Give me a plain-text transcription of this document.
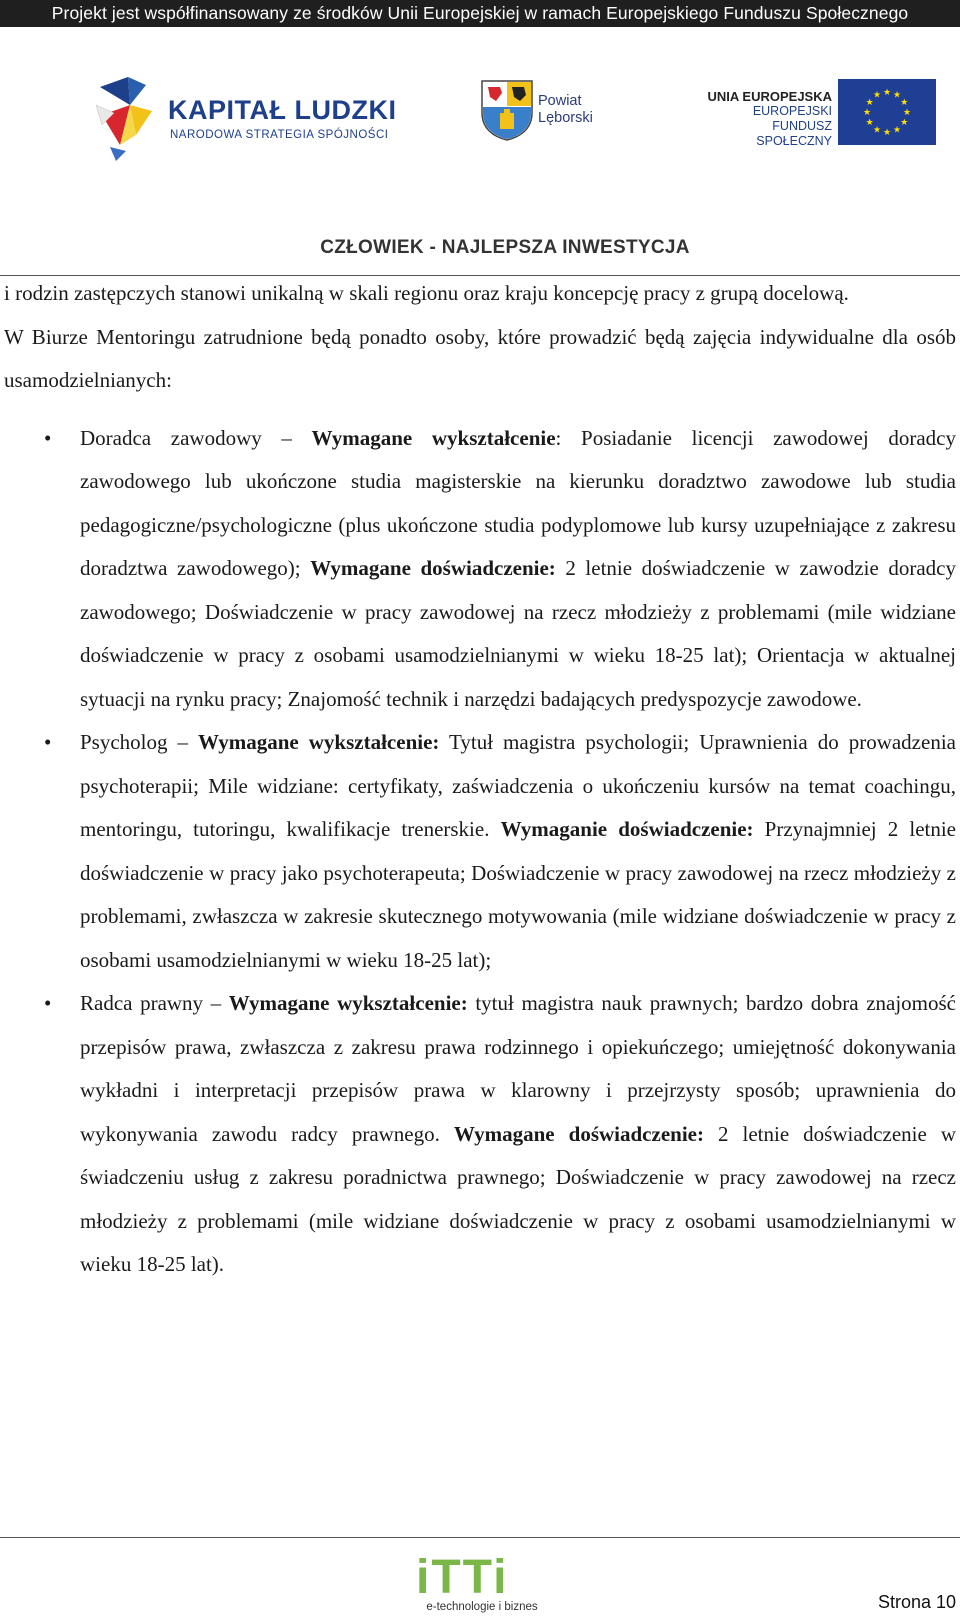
Projekt jest współfinansowany ze środków Unii Europejskiej w ramach Europejskiego Funduszu Społecznego
KAPITAŁ LUDZKI
NARODOWA STRATEGIA SPÓJNOŚCI
Powiat
Lęborski
UNIA EUROPEJSKA
EUROPEJSKI
FUNDUSZ SPOŁECZNY
★
★
★
★
★
★
★
★
★ ★ ★
★
CZŁOWIEK - NAJLEPSZA INWESTYCJA

i rodzin zastępczych stanowi unikalną w skali regionu oraz kraju koncepcję pracy z grupą docelową.

W Biurze Mentoringu zatrudnione będą ponadto osoby, które prowadzić będą zajęcia indywidualne dla osób usamodzielnianych:

• Doradca zawodowy – Wymagane wykształcenie: Posiadanie licencji zawodowej doradcy zawodowego lub ukończone studia magisterskie na kierunku doradztwo zawodowe lub studia pedagogiczne/psychologiczne (plus ukończone studia podyplomowe lub kursy uzupełniające z zakresu doradztwa zawodowego); Wymagane doświadczenie: 2 letnie doświadczenie w zawodzie doradcy zawodowego; Doświadczenie w pracy zawodowej na rzecz młodzieży z problemami (mile widziane doświadczenie w pracy z osobami usamodzielnianymi w wieku 18-25 lat); Orientacja w aktualnej sytuacji na rynku pracy; Znajomość technik i narzędzi badających predyspozycje zawodowe.
• Psycholog – Wymagane wykształcenie: Tytuł magistra psychologii; Uprawnienia do prowadzenia psychoterapii; Mile widziane: certyfikaty, zaświadczenia o ukończeniu kursów na temat coachingu, mentoringu, tutoringu, kwalifikacje trenerskie. Wymaganie doświadczenie: Przynajmniej 2 letnie doświadczenie w pracy jako psychoterapeuta; Doświadczenie w pracy zawodowej na rzecz młodzieży z problemami, zwłaszcza w zakresie skutecznego motywowania (mile widziane doświadczenie w pracy z osobami usamodzielnianymi w wieku 18-25 lat);
• Radca prawny – Wymagane wykształcenie: tytuł magistra nauk prawnych; bardzo dobra znajomość przepisów prawa, zwłaszcza z zakresu prawa rodzinnego i opiekuńczego; umiejętność dokonywania wykładni i interpretacji przepisów prawa w klarowny i przejrzysty sposób; uprawnienia do wykonywania zawodu radcy prawnego. Wymagane doświadczenie: 2 letnie doświadczenie w świadczeniu usług z zakresu poradnictwa prawnego; Doświadczenie w pracy zawodowej na rzecz młodzieży z problemami (mile widziane doświadczenie w pracy z osobami usamodzielnianymi w wieku 18-25 lat).
iTTi
e-technologie i biznes	Strona 10
